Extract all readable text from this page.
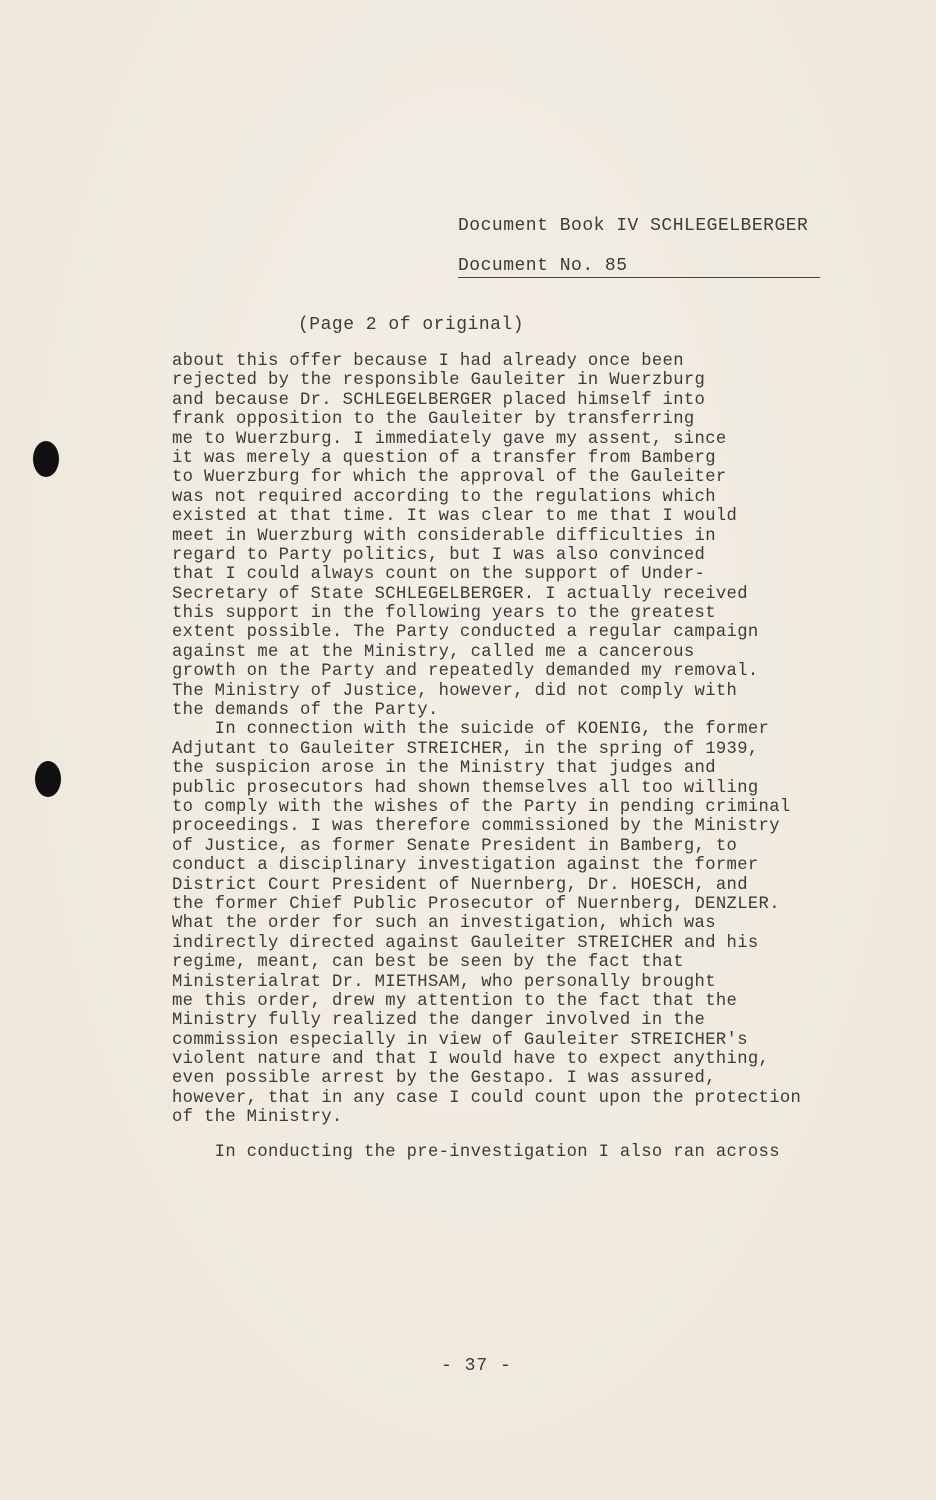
Document Book IV SCHLEGELBERGER
Document No. 85
(Page 2 of original)
about this offer because I had already once been
rejected by the responsible Gauleiter in Wuerzburg
and because Dr. SCHLEGELBERGER placed himself into
frank opposition to the Gauleiter by transferring
me to Wuerzburg. I immediately gave my assent, since
it was merely a question of a transfer from Bamberg
to Wuerzburg for which the approval of the Gauleiter
was not required according to the regulations which
existed at that time. It was clear to me that I would
meet in Wuerzburg with considerable difficulties in
regard to Party politics, but I was also convinced
that I could always count on the support of Under-
Secretary of State SCHLEGELBERGER. I actually received
this support in the following years to the greatest
extent possible. The Party conducted a regular campaign
against me at the Ministry, called me a cancerous
growth on the Party and repeatedly demanded my removal.
The Ministry of Justice, however, did not comply with
the demands of the Party.
In connection with the suicide of KOENIG, the former
Adjutant to Gauleiter STREICHER, in the spring of 1939,
the suspicion arose in the Ministry that judges and
public prosecutors had shown themselves all too willing
to comply with the wishes of the Party in pending criminal
proceedings. I was therefore commissioned by the Ministry
of Justice, as former Senate President in Bamberg, to
conduct a disciplinary investigation against the former
District Court President of Nuernberg, Dr. HOESCH, and
the former Chief Public Prosecutor of Nuernberg, DENZLER.
What the order for such an investigation, which was
indirectly directed against Gauleiter STREICHER and his
regime, meant, can best be seen by the fact that
Ministerialrat Dr. MIETHSAM, who personally brought
me this order, drew my attention to the fact that the
Ministry fully realized the danger involved in the
commission especially in view of Gauleiter STREICHER's
violent nature and that I would have to expect anything,
even possible arrest by the Gestapo. I was assured,
however, that in any case I could count upon the protection
of the Ministry.
In conducting the pre-investigation I also ran across
- 37 -
